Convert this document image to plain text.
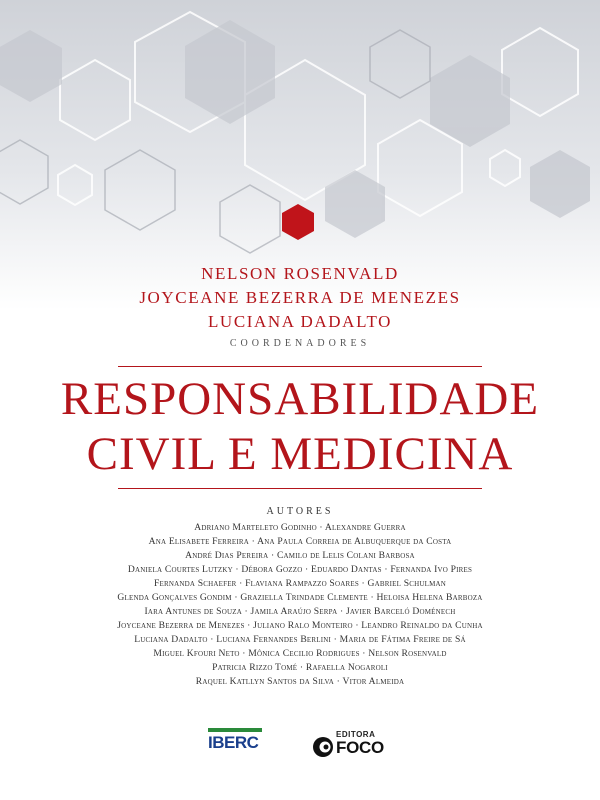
NELSON ROSENVALD
JOYCEANE BEZERRA DE MENEZES
LUCIANA DADALTO
COORDENADORES
RESPONSABILIDADE
CIVIL E MEDICINA
AUTORES
Adriano Marteleto Godinho · Alexandre Guerra
Ana Elisabete Ferreira · Ana Paula Correia de Albuquerque da Costa
André Dias Pereira · Camilo de Lelis Colani Barbosa
Daniela Courtes Lutzky · Débora Gozzo · Eduardo Dantas · Fernanda Ivo Pires
Fernanda Schaefer · Flaviana Rampazzo Soares · Gabriel Schulman
Glenda Gonçalves Gondim · Graziella Trindade Clemente · Heloisa Helena Barboza
Iara Antunes de Souza · Jamila Araújo Serpa · Javier Barceló Doménech
Joyceane Bezerra de Menezes · Juliano Ralo Monteiro · Leandro Reinaldo da Cunha
Luciana Dadalto · Luciana Fernandes Berlini · Maria de Fátima Freire de Sá
Miguel Kfouri Neto · Mônica Cecilio Rodrigues · Nelson Rosenvald
Patricia Rizzo Tomé · Rafaella Nogaroli
Raquel Katllyn Santos da Silva · Vitor Almeida
IBERC	EDITORA
FOCO
